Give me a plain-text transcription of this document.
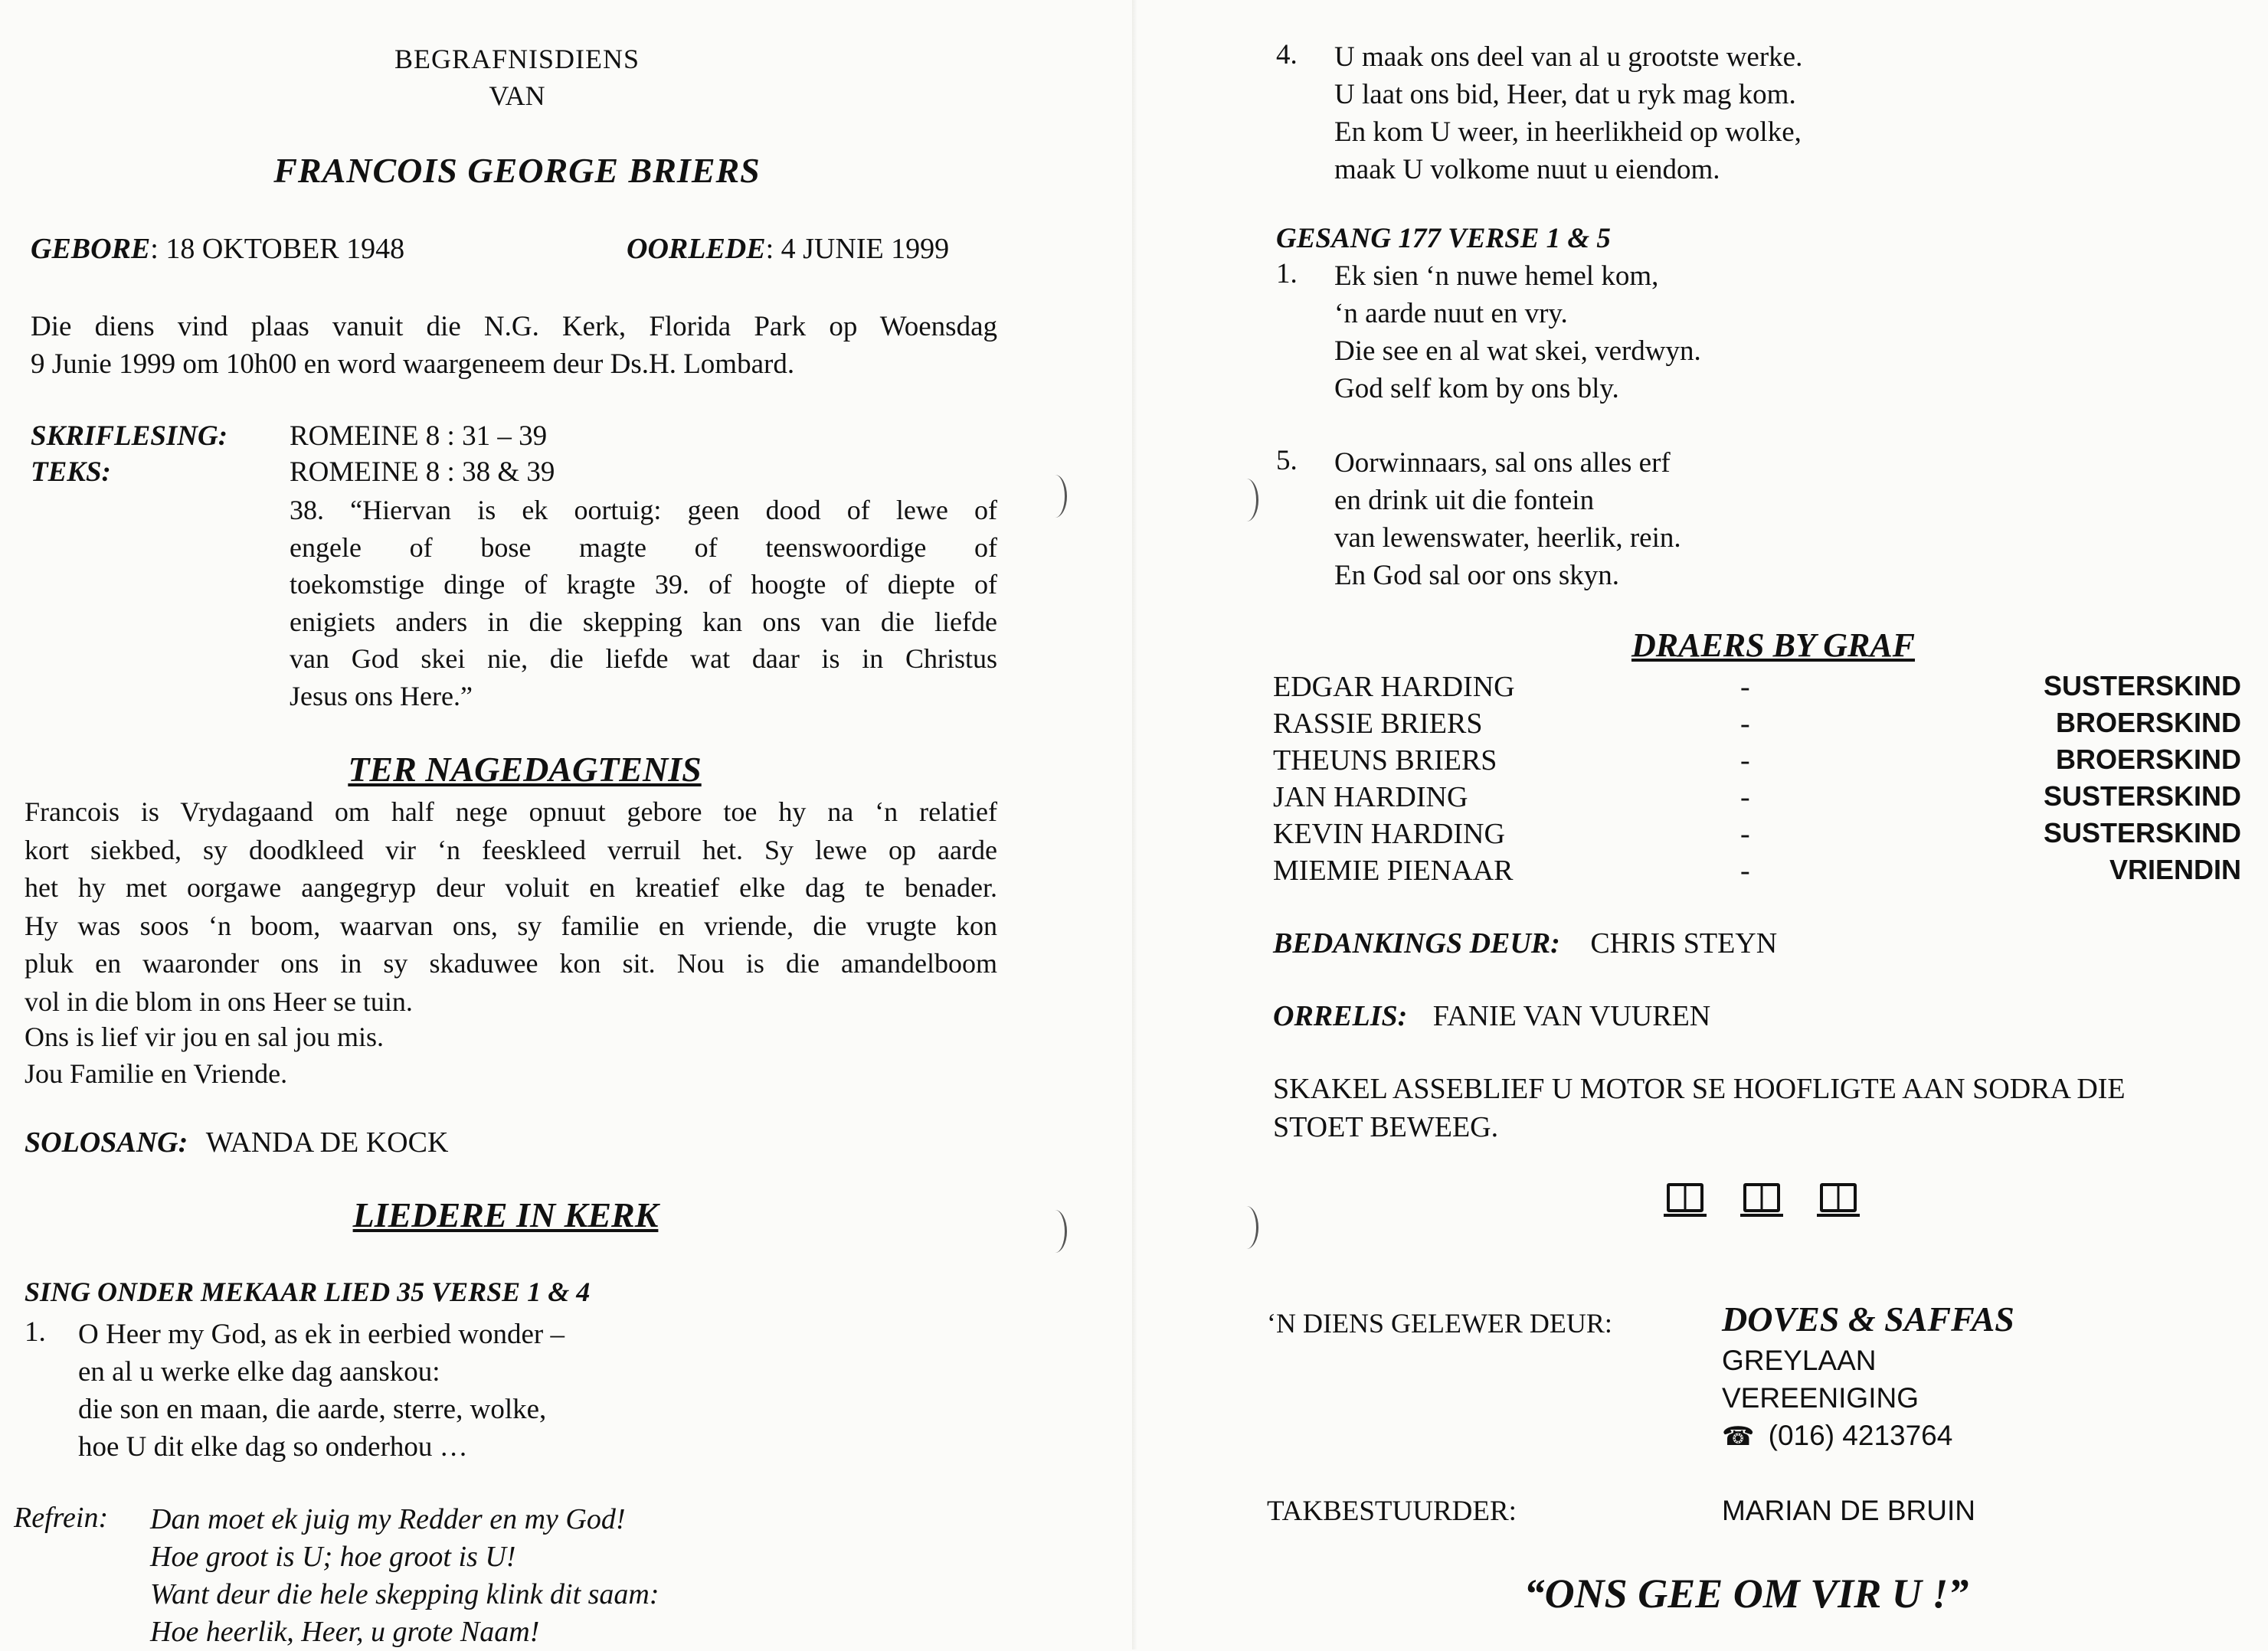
BEGRAFNISDIENS
VAN
FRANCOIS GEORGE BRIERS
GEBORE: 18 OKTOBER 1948	OORLEDE: 4 JUNIE 1999
Die diens vind plaas vanuit die N.G. Kerk, Florida Park op Woensdag
9 Junie 1999 om 10h00 en word waargeneem deur Ds.H. Lombard.
SKRIFLESING: ROMEINE 8 : 31 – 39
TEKS:	ROMEINE 8 : 38 & 39
38. “Hiervan is ek oortuig: geen dood of lewe of
engele of bose magte of teenswoordige of
toekomstige dinge of kragte 39. of hoogte of diepte of
enigiets anders in die skepping kan ons van die liefde
van God skei nie, die liefde wat daar is in Christus
Jesus ons Here.”
TER NAGEDAGTENIS
Francois is Vrydagaand om half nege opnuut gebore toe hy na ‘n relatief
kort siekbed, sy doodkleed vir ‘n feeskleed verruil het. Sy lewe op aarde
het hy met oorgawe aangegryp deur voluit en kreatief elke dag te benader.
Hy was soos ‘n boom, waarvan ons, sy familie en vriende, die vrugte kon
pluk en waaronder ons in sy skaduwee kon sit. Nou is die amandelboom
vol in die blom in ons Heer se tuin.
Ons is lief vir jou en sal jou mis.
Jou Familie en Vriende.
SOLOSANG: WANDA DE KOCK
LIEDERE IN KERK
SING ONDER MEKAAR LIED 35 VERSE 1 & 4
1. O Heer my God, as ek in eerbied wonder –
en al u werke elke dag aanskou:
die son en maan, die aarde, sterre, wolke,
hoe U dit elke dag so onderhou …
Refrein: Dan moet ek juig my Redder en my God!
Hoe groot is U; hoe groot is U!
Want deur die hele skepping klink dit saam:
Hoe heerlik, Heer, u grote Naam!
4. U maak ons deel van al u grootste werke.
U laat ons bid, Heer, dat u ryk mag kom.
En kom U weer, in heerlikheid op wolke,
maak U volkome nuut u eiendom.
GESANG 177 VERSE 1 & 5
1. Ek sien ‘n nuwe hemel kom,
‘n aarde nuut en vry.
Die see en al wat skei, verdwyn.
God self kom by ons bly.
5. Oorwinnaars, sal ons alles erf
en drink uit die fontein
van lewenswater, heerlik, rein.
En God sal oor ons skyn.
DRAERS BY GRAF
EDGAR HARDING	-	SUSTERSKIND
RASSIE BRIERS	-	BROERSKIND
THEUNS BRIERS	-	BROERSKIND
JAN HARDING	-	SUSTERSKIND
KEVIN HARDING	-	SUSTERSKIND
MIEMIE PIENAAR	-	VRIENDIN
BEDANKINGS DEUR: CHRIS STEYN
ORRELIS: FANIE VAN VUUREN
SKAKEL ASSEBLIEF U MOTOR SE HOOFLIGTE AAN SODRA DIE
STOET BEWEEG.

‘N DIENS GELEWER DEUR:	DOVES & SAFFAS
GREYLAAN
VEREENIGING
☎ (016) 4213764
TAKBESTUURDER:	MARIAN DE BRUIN
“ONS GEE OM VIR U !”
